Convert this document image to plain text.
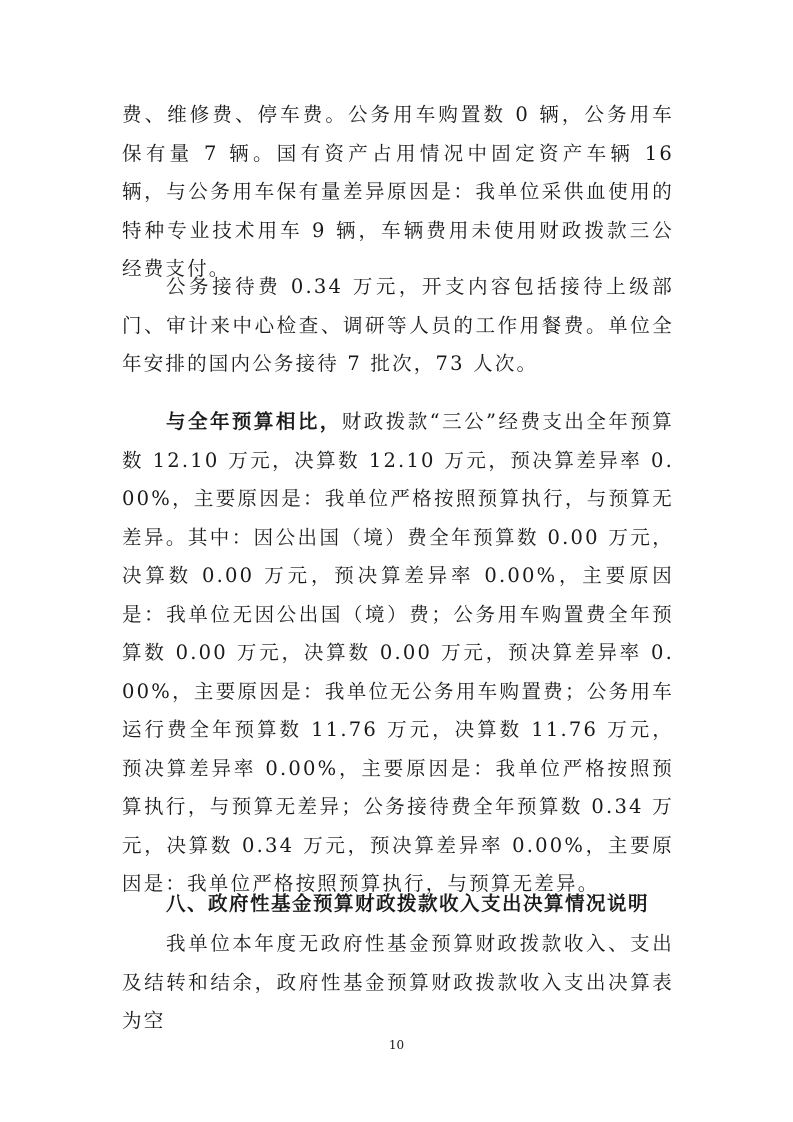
费、维修费、停车费。公务用车购置数 0 辆，公务用车保有量 7 辆。国有资产占用情况中固定资产车辆 16 辆，与公务用车保有量差异原因是：我单位采供血使用的特种专业技术用车 9 辆，车辆费用未使用财政拨款三公经费支付。

公务接待费 0.34 万元，开支内容包括接待上级部门、审计来中心检查、调研等人员的工作用餐费。单位全年安排的国内公务接待 7 批次，73 人次。

与全年预算相比，财政拨款“三公”经费支出全年预算数 12.10 万元，决算数 12.10 万元，预决算差异率 0.00%，主要原因是：我单位严格按照预算执行，与预算无差异。其中：因公出国（境）费全年预算数 0.00 万元，决算数 0.00 万元，预决算差异率 0.00%，主要原因是：我单位无因公出国（境）费；公务用车购置费全年预算数 0.00 万元，决算数 0.00 万元，预决算差异率 0.00%，主要原因是：我单位无公务用车购置费；公务用车运行费全年预算数 11.76 万元，决算数 11.76 万元，预决算差异率 0.00%，主要原因是：我单位严格按照预算执行，与预算无差异；公务接待费全年预算数 0.34 万元，决算数 0.34 万元，预决算差异率 0.00%，主要原因是：我单位严格按照预算执行，与预算无差异。

八、政府性基金预算财政拨款收入支出决算情况说明

我单位本年度无政府性基金预算财政拨款收入、支出及结转和结余，政府性基金预算财政拨款收入支出决算表为空

10
